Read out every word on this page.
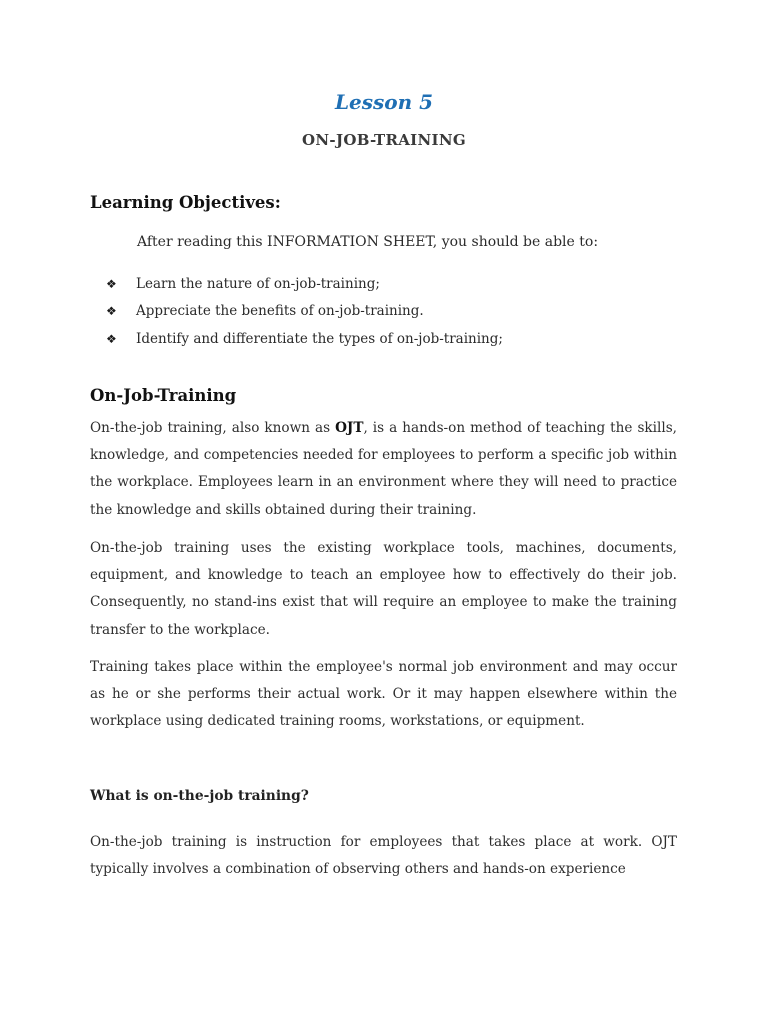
Lesson 5
ON-JOB-TRAINING
Learning Objectives:
After reading this INFORMATION SHEET, you should be able to:
❖	Learn the nature of on-job-training;
❖	Appreciate the benefits of on-job-training.
❖	Identify and differentiate the types of on-job-training;
On-Job-Training

On-the-job training, also known as OJT, is a hands-on method of teaching the skills, knowledge, and competencies needed for employees to perform a specific job within the workplace. Employees learn in an environment where they will need to practice the knowledge and skills obtained during their training.

On-the-job training uses the existing workplace tools, machines, documents, equipment, and knowledge to teach an employee how to effectively do their job. Consequently, no stand-ins exist that will require an employee to make the training transfer to the workplace.

Training takes place within the employee's normal job environment and may occur as he or she performs their actual work. Or it may happen elsewhere within the workplace using dedicated training rooms, workstations, or equipment.

What is on-the-job training?

On-the-job training is instruction for employees that takes place at work. OJT typically involves a combination of observing others and hands-on experience
